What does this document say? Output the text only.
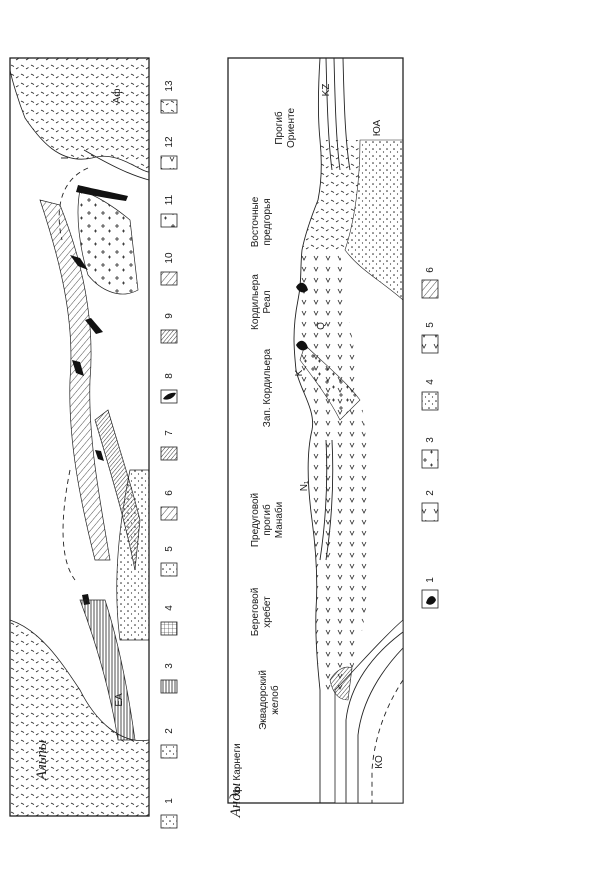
I
Аф
ЕА
Альпы
1
2
3
4
5
6
7
8
9
10
11
12
13	KZ
ЮА
Q
K
N₁
КО
хр. Карнеги
Эквадорский желоб
Береговой хребет
Предуговой прогиб Манаби
Зап. Кордильера
Кордильера Реал
Восточные предгорья
Прогиб Ориенте
Анды
1
2
3
4
5
6
